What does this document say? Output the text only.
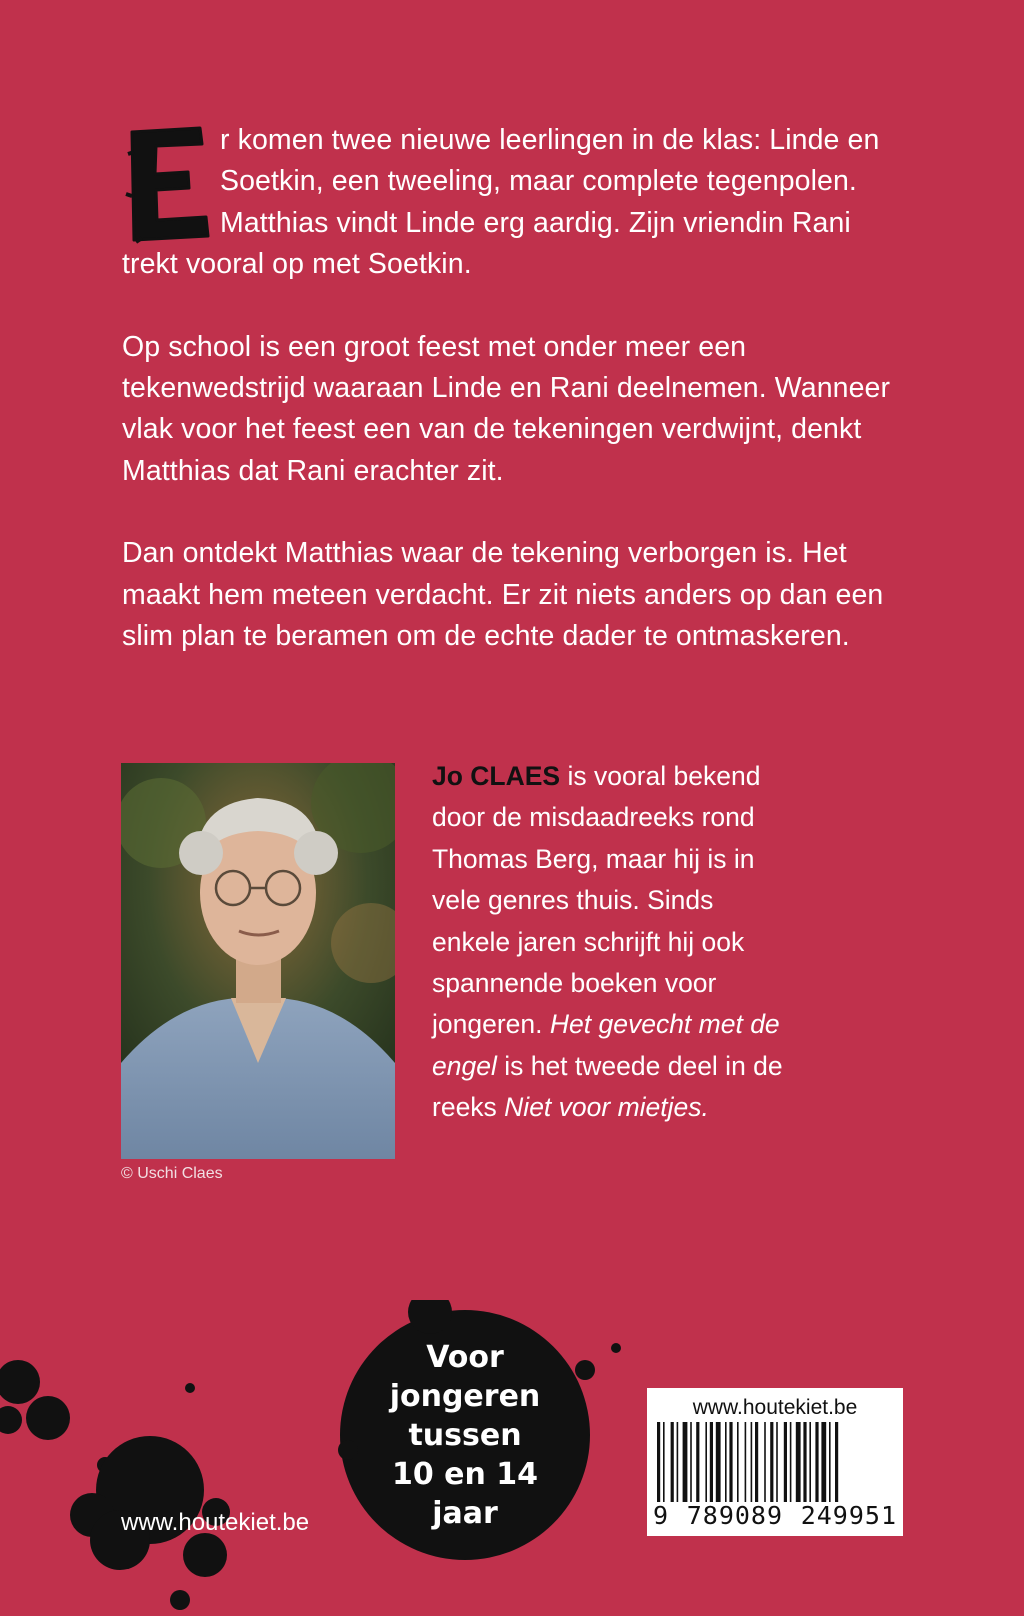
r komen twee nieuwe leerlingen in de klas: Linde en Soetkin, een tweeling, maar complete tegenpolen. Matthias vindt Linde erg aardig. Zijn vriendin Rani trekt vooral op met Soetkin.

Op school is een groot feest met onder meer een tekenwedstrijd waaraan Linde en Rani deelnemen. Wanneer vlak voor het feest een van de tekeningen verdwijnt, denkt Matthias dat Rani erachter zit.

Dan ontdekt Matthias waar de tekening verborgen is. Het maakt hem meteen verdacht. Er zit niets anders op dan een slim plan te beramen om de echte dader te ontmaskeren.

© Uschi Claes
Jo CLAES is vooral bekend door de misdaadreeks rond Thomas Berg, maar hij is in vele genres thuis. Sinds enkele jaren schrijft hij ook spannende boeken voor jongeren. Het gevecht met de engel is het tweede deel in de reeks Niet voor mietjes.
Voor
jongeren
tussen
10 en 14
jaar
www.houtekiet.be
www.houtekiet.be
9 789089 249951
